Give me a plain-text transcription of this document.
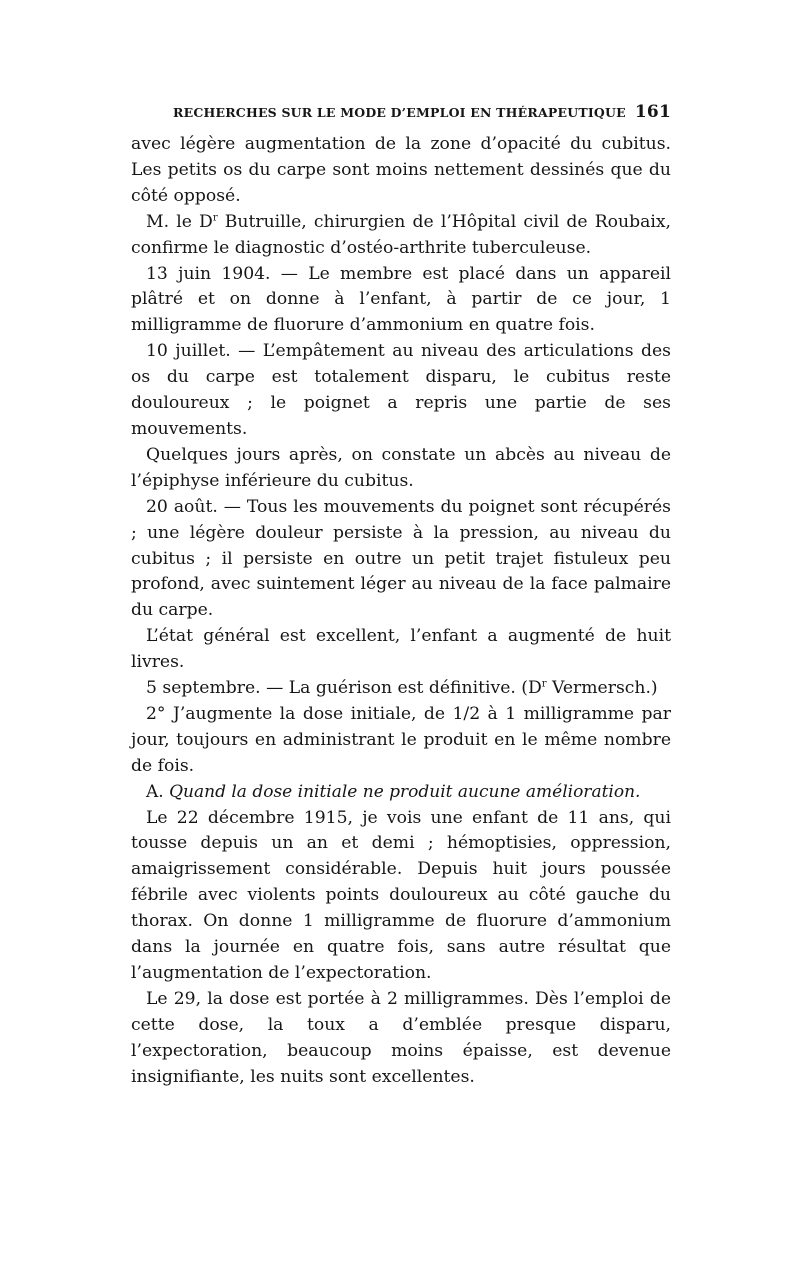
RECHERCHES SUR LE MODE D’EMPLOI EN THÉRAPEUTIQUE 161

avec légère augmentation de la zone d’opacité du cubitus. Les petits os du carpe sont moins nettement dessinés que du côté opposé.

M. le $D^r$ Butruille, chirurgien de l’Hôpital civil de Roubaix, confirme le diagnostic d’ostéo-arthrite tuberculeuse.

13 juin 1904. — Le membre est placé dans un appareil plâtré et on donne à l’enfant, à partir de ce jour, 1 milligramme de fluorure d’ammonium en quatre fois.

10 juillet. — L’empâtement au niveau des articulations des os du carpe est totalement disparu, le cubitus reste douloureux ; le poignet a repris une partie de ses mouvements.

Quelques jours après, on constate un abcès au niveau de l’épiphyse inférieure du cubitus.

20 août. — Tous les mouvements du poignet sont récupérés ; une légère douleur persiste à la pression, au niveau du cubitus ; il persiste en outre un petit trajet fistuleux peu profond, avec suintement léger au niveau de la face palmaire du carpe.

L’état général est excellent, l’enfant a augmenté de huit livres.

5 septembre. — La guérison est définitive. ($D^r$ Vermersch.)

2° J’augmente la dose initiale, de 1/2 à 1 milligramme par jour, toujours en administrant le produit en le même nombre de fois.

A. Quand la dose initiale ne produit aucune amélioration.

Le 22 décembre 1915, je vois une enfant de 11 ans, qui tousse depuis un an et demi ; hémoptisies, oppression, amaigrissement considérable. Depuis huit jours poussée fébrile avec violents points douloureux au côté gauche du thorax. On donne 1 milligramme de fluorure d’ammonium dans la journée en quatre fois, sans autre résultat que l’augmentation de l’expectoration.

Le 29, la dose est portée à 2 milligrammes. Dès l’emploi de cette dose, la toux a d’emblée presque disparu, l’expectoration, beaucoup moins épaisse, est devenue insignifiante, les nuits sont excellentes.
